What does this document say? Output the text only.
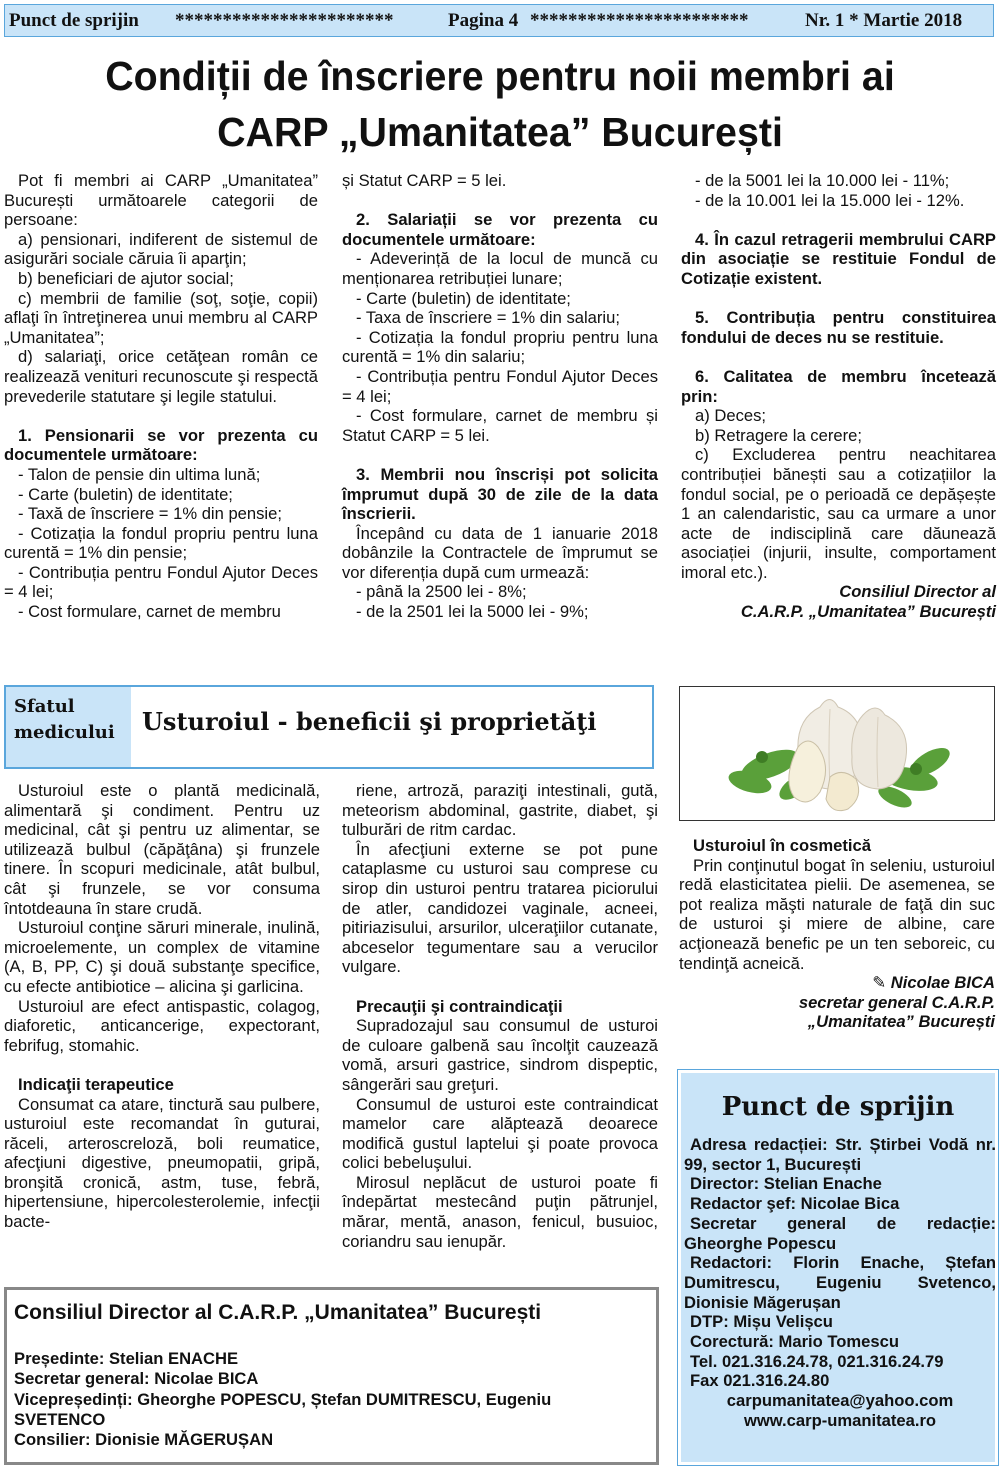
Punct de sprijin ***********************	Pagina 4 ***********************	Nr. 1 * Martie 2018
Condiții de înscriere pentru noii membri ai
CARP „Umanitatea” București

Pot fi membri ai CARP „Umanitatea” București următoarele categorii de persoane:

a) pensionari, indiferent de sistemul de asigurări sociale căruia îi aparţin;

b) beneficiari de ajutor social;

c) membrii de familie (soţ, soţie, copii) aflaţi în întreţinerea unui membru al CARP „Umanitatea”;

d) salariaţi, orice cetăţean român ce realizează venituri recunoscute şi respectă prevederile statutare şi legile statului.

1. Pensionarii se vor prezenta cu documentele următoare:

- Talon de pensie din ultima lună;

- Carte (buletin) de identitate;

- Taxă de înscriere = 1% din pensie;

- Cotizația la fondul propriu pentru luna curentă = 1% din pensie;

- Contribuția pentru Fondul Ajutor Deces = 4 lei;

- Cost formulare, carnet de membru

și Statut CARP = 5 lei.

2. Salariații se vor prezenta cu documentele următoare:

- Adeverință de la locul de muncă cu menționarea retribuției lunare;

- Carte (buletin) de identitate;

- Taxa de înscriere = 1% din salariu;

- Cotizația la fondul propriu pentru luna curentă = 1% din salariu;

- Contribuția pentru Fondul Ajutor Deces = 4 lei;

- Cost formulare, carnet de membru și Statut CARP = 5 lei.

3. Membrii nou înscriși pot solicita împrumut după 30 de zile de la data înscrierii.

Începând cu data de 1 ianuarie 2018 dobânzile la Contractele de împrumut se vor diferenția după cum urmează:

- până la 2500 lei - 8%;

- de la 2501 lei la 5000 lei - 9%;

- de la 5001 lei la 10.000 lei - 11%;

- de la 10.001 lei la 15.000 lei - 12%.

4. În cazul retragerii membrului CARP din asociație se restituie Fondul de Cotizație existent.

5. Contribuția pentru constituirea fondului de deces nu se restituie.

6. Calitatea de membru încetează prin:

a) Deces;

b) Retragere la cerere;

c) Excluderea pentru neachitarea contribuției bănești sau a cotizațiilor la fondul social, pe o perioadă ce depășește 1 an calendaristic, sau ca urmare a unor acte de indisciplină care dăunează asociației (injurii, insulte, comportament imoral etc.).

Consiliul Director al

C.A.R.P. „Umanitatea” București

Sfatul
medicului Usturoiul - beneficii şi proprietăţi

Usturoiul este o plantă medicinală, alimentară şi condiment. Pentru uz medicinal, cât şi pentru uz alimentar, se utilizează bulbul (căpăţâna) şi frunzele tinere. În scopuri medicinale, atât bulbul, cât şi frunzele, se vor consuma întotdeauna în stare crudă.

Usturoiul conţine săruri minerale, inulină, microelemente, un complex de vitamine (A, B, PP, C) şi două substanţe specifice, cu efecte antibiotice – alicina şi garlicina.

Usturoiul are efect antispastic, colagog, diaforetic, anticancerige, expectorant, febrifug, stomahic.

Indicaţii terapeutice

Consumat ca atare, tinctură sau pulbere, usturoiul este recomandat în guturai, răceli, arteroscreloză, boli reumatice, afecţiuni digestive, pneumopatii, gripă, bronşită cronică, astm, tuse, febră, hipertensiune, hipercolesterolemie, infecţii bacte-

riene, artroză, paraziţi intestinali, gută, meteorism abdominal, gastrite, diabet, şi tulburări de ritm cardac.

În afecţiuni externe se pot pune cataplasme cu usturoi sau comprese cu sirop din usturoi pentru tratarea piciorului de atler, candidozei vaginale, acneei, pitiriazisului, arsurilor, ulceraţiilor cutanate, abceselor tegumentare sau a verucilor vulgare.

Precauţii şi contraindicaţii

Supradozajul sau consumul de usturoi de culoare galbenă sau încolţit cauzează vomă, arsuri gastrice, sindrom dispeptic, sângerări sau greţuri.

Consumul de usturoi este contraindicat mamelor care alăptează deoarece modifică gustul laptelui şi poate provoca colici bebeluşului.

Mirosul neplăcut de usturoi poate fi îndepărtat mestecând puţin pătrunjel, mărar, mentă, anason, fenicul, busuioc, coriandru sau ienupăr.

Usturoiul în cosmetică

Prin conţinutul bogat în seleniu, usturoiul redă elasticitatea pielii. De asemenea, se pot realiza măşti naturale de faţă din suc de usturoi şi miere de albine, care acţionează benefic pe un ten seboreic, cu tendinţă acneică.

✎ Nicolae BICA

secretar general C.A.R.P.

„Umanitatea” București

Consiliul Director al C.A.R.P. „Umanitatea” București

Președinte: Stelian ENACHE

Secretar general: Nicolae BICA

Vicepreședinți: Gheorghe POPESCU, Ștefan DUMITRESCU, Eugeniu SVETENCO

Consilier: Dionisie MĂGERUȘAN

Punct de sprijin

Adresa redacției: Str. Știrbei Vodă nr. 99, sector 1, București

Director: Stelian Enache

Redactor şef: Nicolae Bica

Secretar general de redacție: Gheorghe Popescu

Redactori: Florin Enache, Ștefan Dumitrescu, Eugeniu Svetenco, Dionisie Măgerușan

DTP: Mișu Velișcu

Corectură: Mario Tomescu

Tel. 021.316.24.78, 021.316.24.79

Fax 021.316.24.80

carpumanitatea@yahoo.com

www.carp-umanitatea.ro
